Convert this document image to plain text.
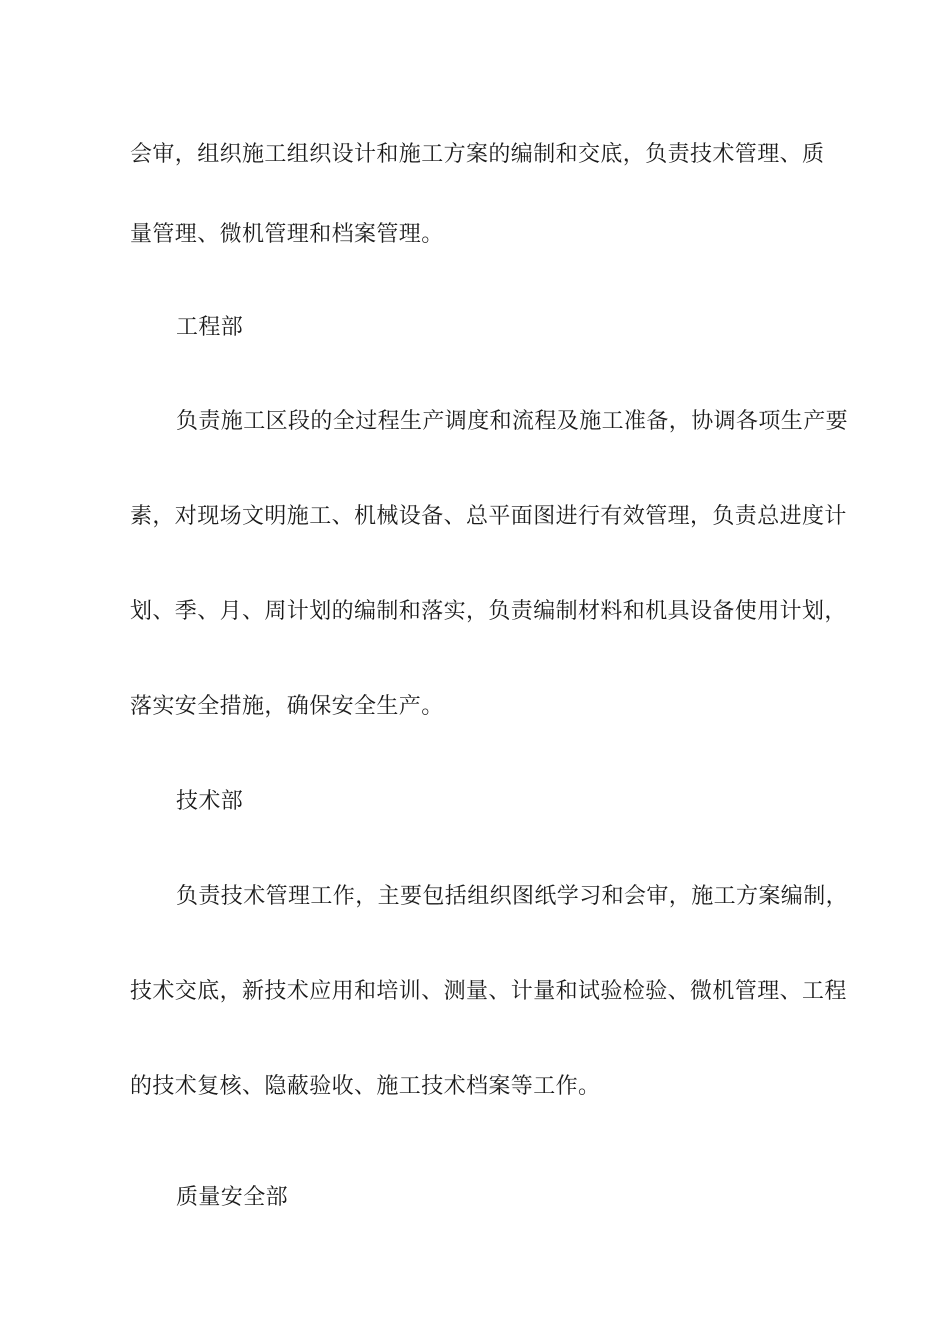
会审，组织施工组织设计和施工方案的编制和交底，负责技术管理、质
量管理、微机管理和档案管理。
工程部
负责施工区段的全过程生产调度和流程及施工准备，协调各项生产要
素，对现场文明施工、机械设备、总平面图进行有效管理，负责总进度计
划、季、月、周计划的编制和落实，负责编制材料和机具设备使用计划，
落实安全措施，确保安全生产。
技术部
负责技术管理工作，主要包括组织图纸学习和会审，施工方案编制，
技术交底，新技术应用和培训、测量、计量和试验检验、微机管理、工程
的技术复核、隐蔽验收、施工技术档案等工作。
质量安全部
